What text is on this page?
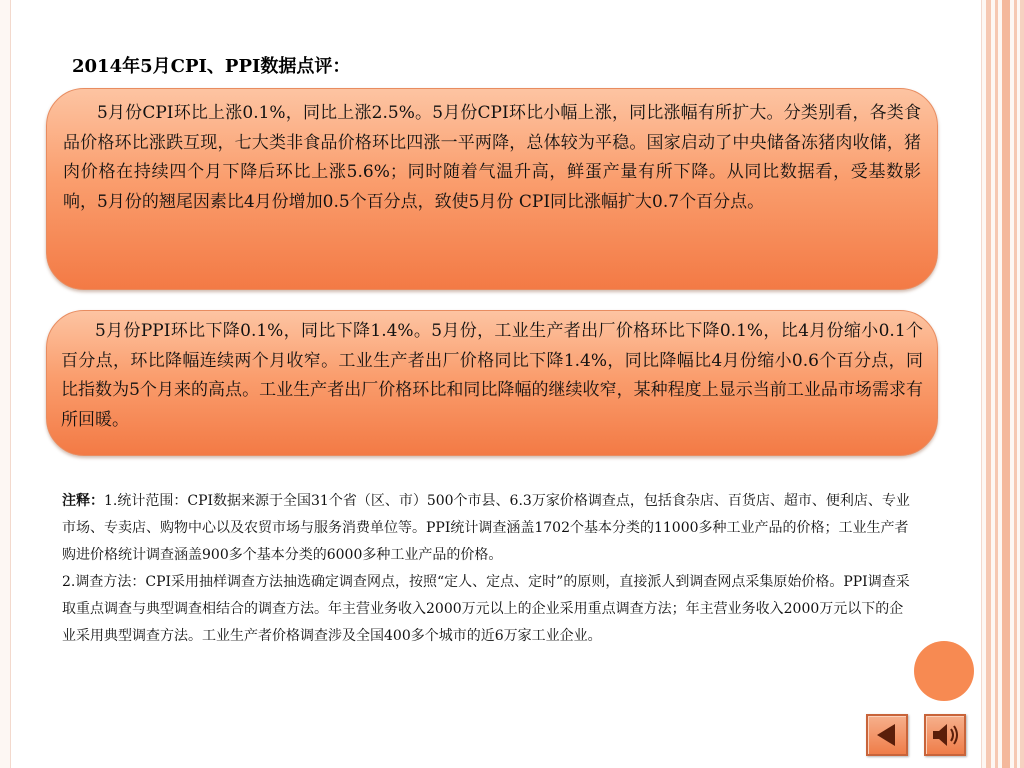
2014年5月CPI、PPI数据点评：

5月份CPI环比上涨0.1%，同比上涨2.5%。5月份CPI环比小幅上涨，同比涨幅有所扩大。分类别看，各类食品价格环比涨跌互现，七大类非食品价格环比四涨一平两降，总体较为平稳。国家启动了中央储备冻猪肉收储，猪肉价格在持续四个月下降后环比上涨5.6%；同时随着气温升高，鲜蛋产量有所下降。从同比数据看，受基数影响，5月份的翘尾因素比4月份增加0.5个百分点，致使5月份 CPI同比涨幅扩大0.7个百分点。

5月份PPI环比下降0.1%，同比下降1.4%。5月份，工业生产者出厂价格环比下降0.1%，比4月份缩小0.1个百分点，环比降幅连续两个月收窄。工业生产者出厂价格同比下降1.4%，同比降幅比4月份缩小0.6个百分点，同比指数为5个月来的高点。工业生产者出厂价格环比和同比降幅的继续收窄，某种程度上显示当前工业品市场需求有所回暖。

注释：1.统计范围：CPI数据来源于全国31个省（区、市）500个市县、6.3万家价格调查点，包括食杂店、百货店、超市、便利店、专业市场、专卖店、购物中心以及农贸市场与服务消费单位等。PPI统计调查涵盖1702个基本分类的11000多种工业产品的价格；工业生产者购进价格统计调查涵盖900多个基本分类的6000多种工业产品的价格。
2.调查方法：CPI采用抽样调查方法抽选确定调查网点，按照“定人、定点、定时”的原则，直接派人到调查网点采集原始价格。PPI调查采取重点调查与典型调查相结合的调查方法。年主营业务收入2000万元以上的企业采用重点调查方法；年主营业务收入2000万元以下的企业采用典型调查方法。工业生产者价格调查涉及全国400多个城市的近6万家工业企业。
